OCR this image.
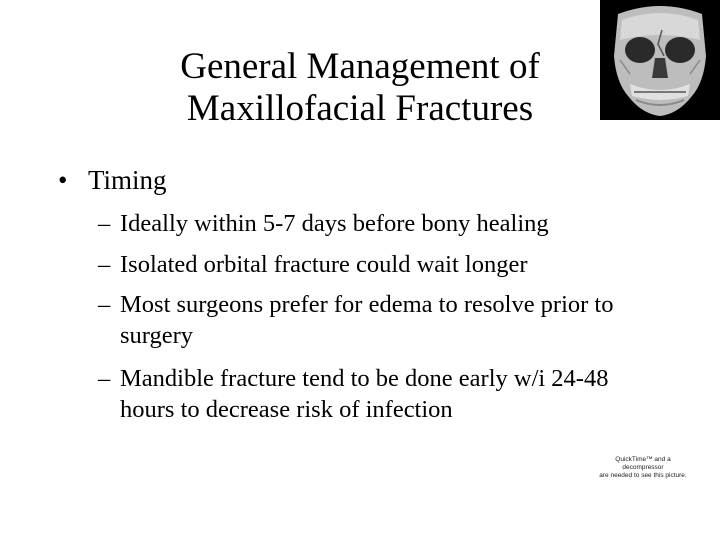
General Management of
Maxillofacial Fractures
• Timing
– Ideally within 5-7 days before bony healing
– Isolated orbital fracture could wait longer
– Most surgeons prefer for edema to resolve prior to surgery
– Mandible fracture tend to be done early w/i 24-48 hours to decrease risk of infection
QuickTime™ and a
decompressor
are needed to see this picture.
